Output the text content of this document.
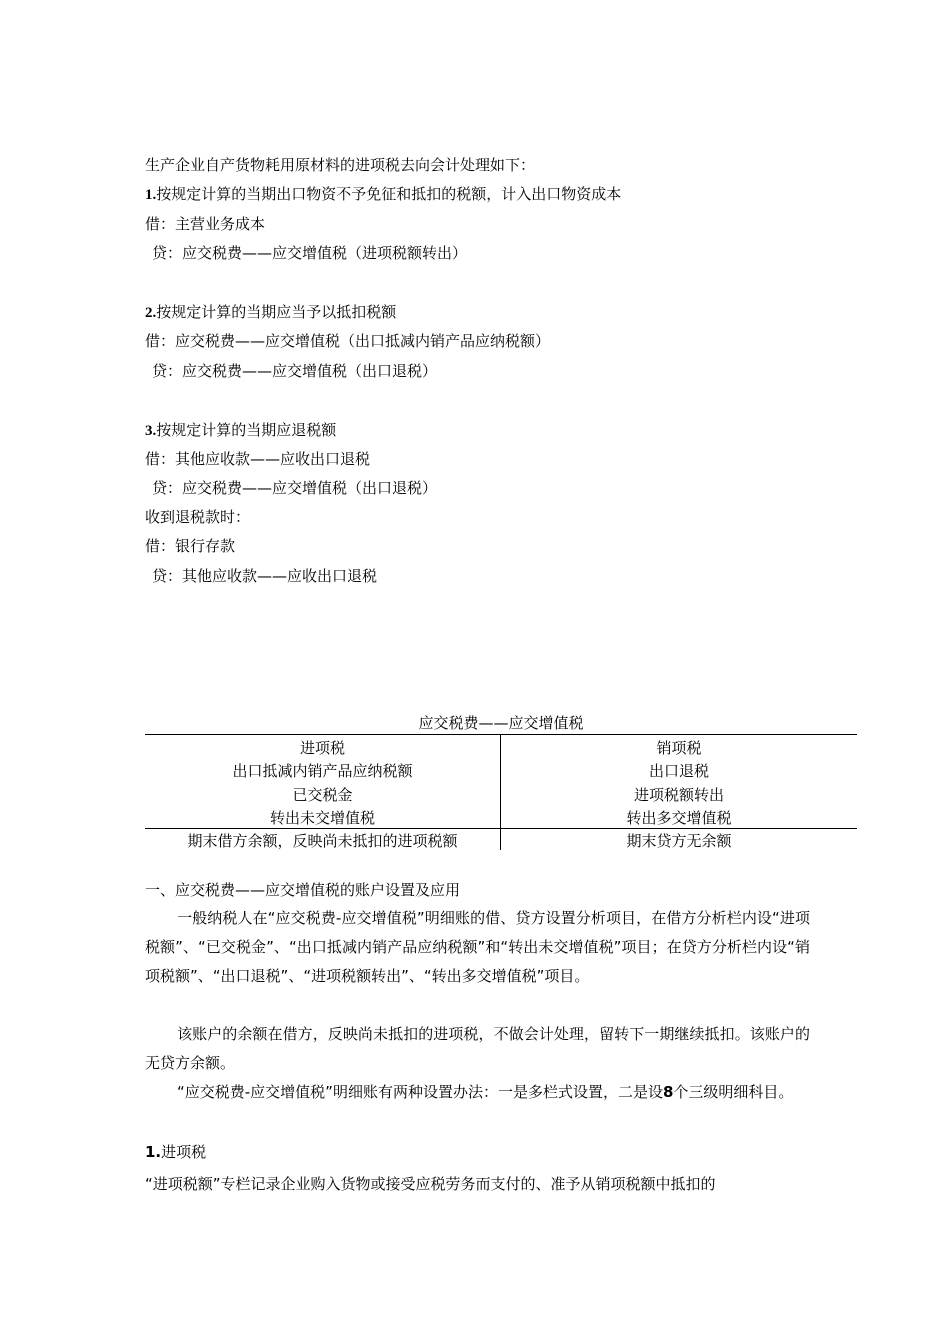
生产企业自产货物耗用原材料的进项税去向会计处理如下：
1.按规定计算的当期出口物资不予免征和抵扣的税额，计入出口物资成本
借：主营业务成本
贷：应交税费——应交增值税（进项税额转出）
2.按规定计算的当期应当予以抵扣税额
借：应交税费——应交增值税（出口抵减内销产品应纳税额）
贷：应交税费——应交增值税（出口退税）
3.按规定计算的当期应退税额
借：其他应收款——应收出口退税
贷：应交税费——应交增值税（出口退税）
收到退税款时：
借：银行存款
贷：其他应收款——应收出口退税
应交税费——应交增值税
进项税
出口抵减内销产品应纳税额
已交税金
转出未交增值税
销项税
出口退税
进项税额转出
转出多交增值税
期末借方余额，反映尚未抵扣的进项税额	期末贷方无余额
一、应交税费——应交增值税的账户设置及应用
一般纳税人在“应交税费-应交增值税”明细账的借、贷方设置分析项目，在借方分析栏内设“进项税额”、“已交税金”、“出口抵减内销产品应纳税额”和“转出未交增值税”项目；在贷方分析栏内设“销项税额”、“出口退税”、“进项税额转出”、“转出多交增值税”项目。
该账户的余额在借方，反映尚未抵扣的进项税，不做会计处理，留转下一期继续抵扣。该账户的无贷方余额。
“应交税费-应交增值税”明细账有两种设置办法：一是多栏式设置，二是设8个三级明细科目。
1.进项税
“进项税额”专栏记录企业购入货物或接受应税劳务而支付的、准予从销项税额中抵扣的
